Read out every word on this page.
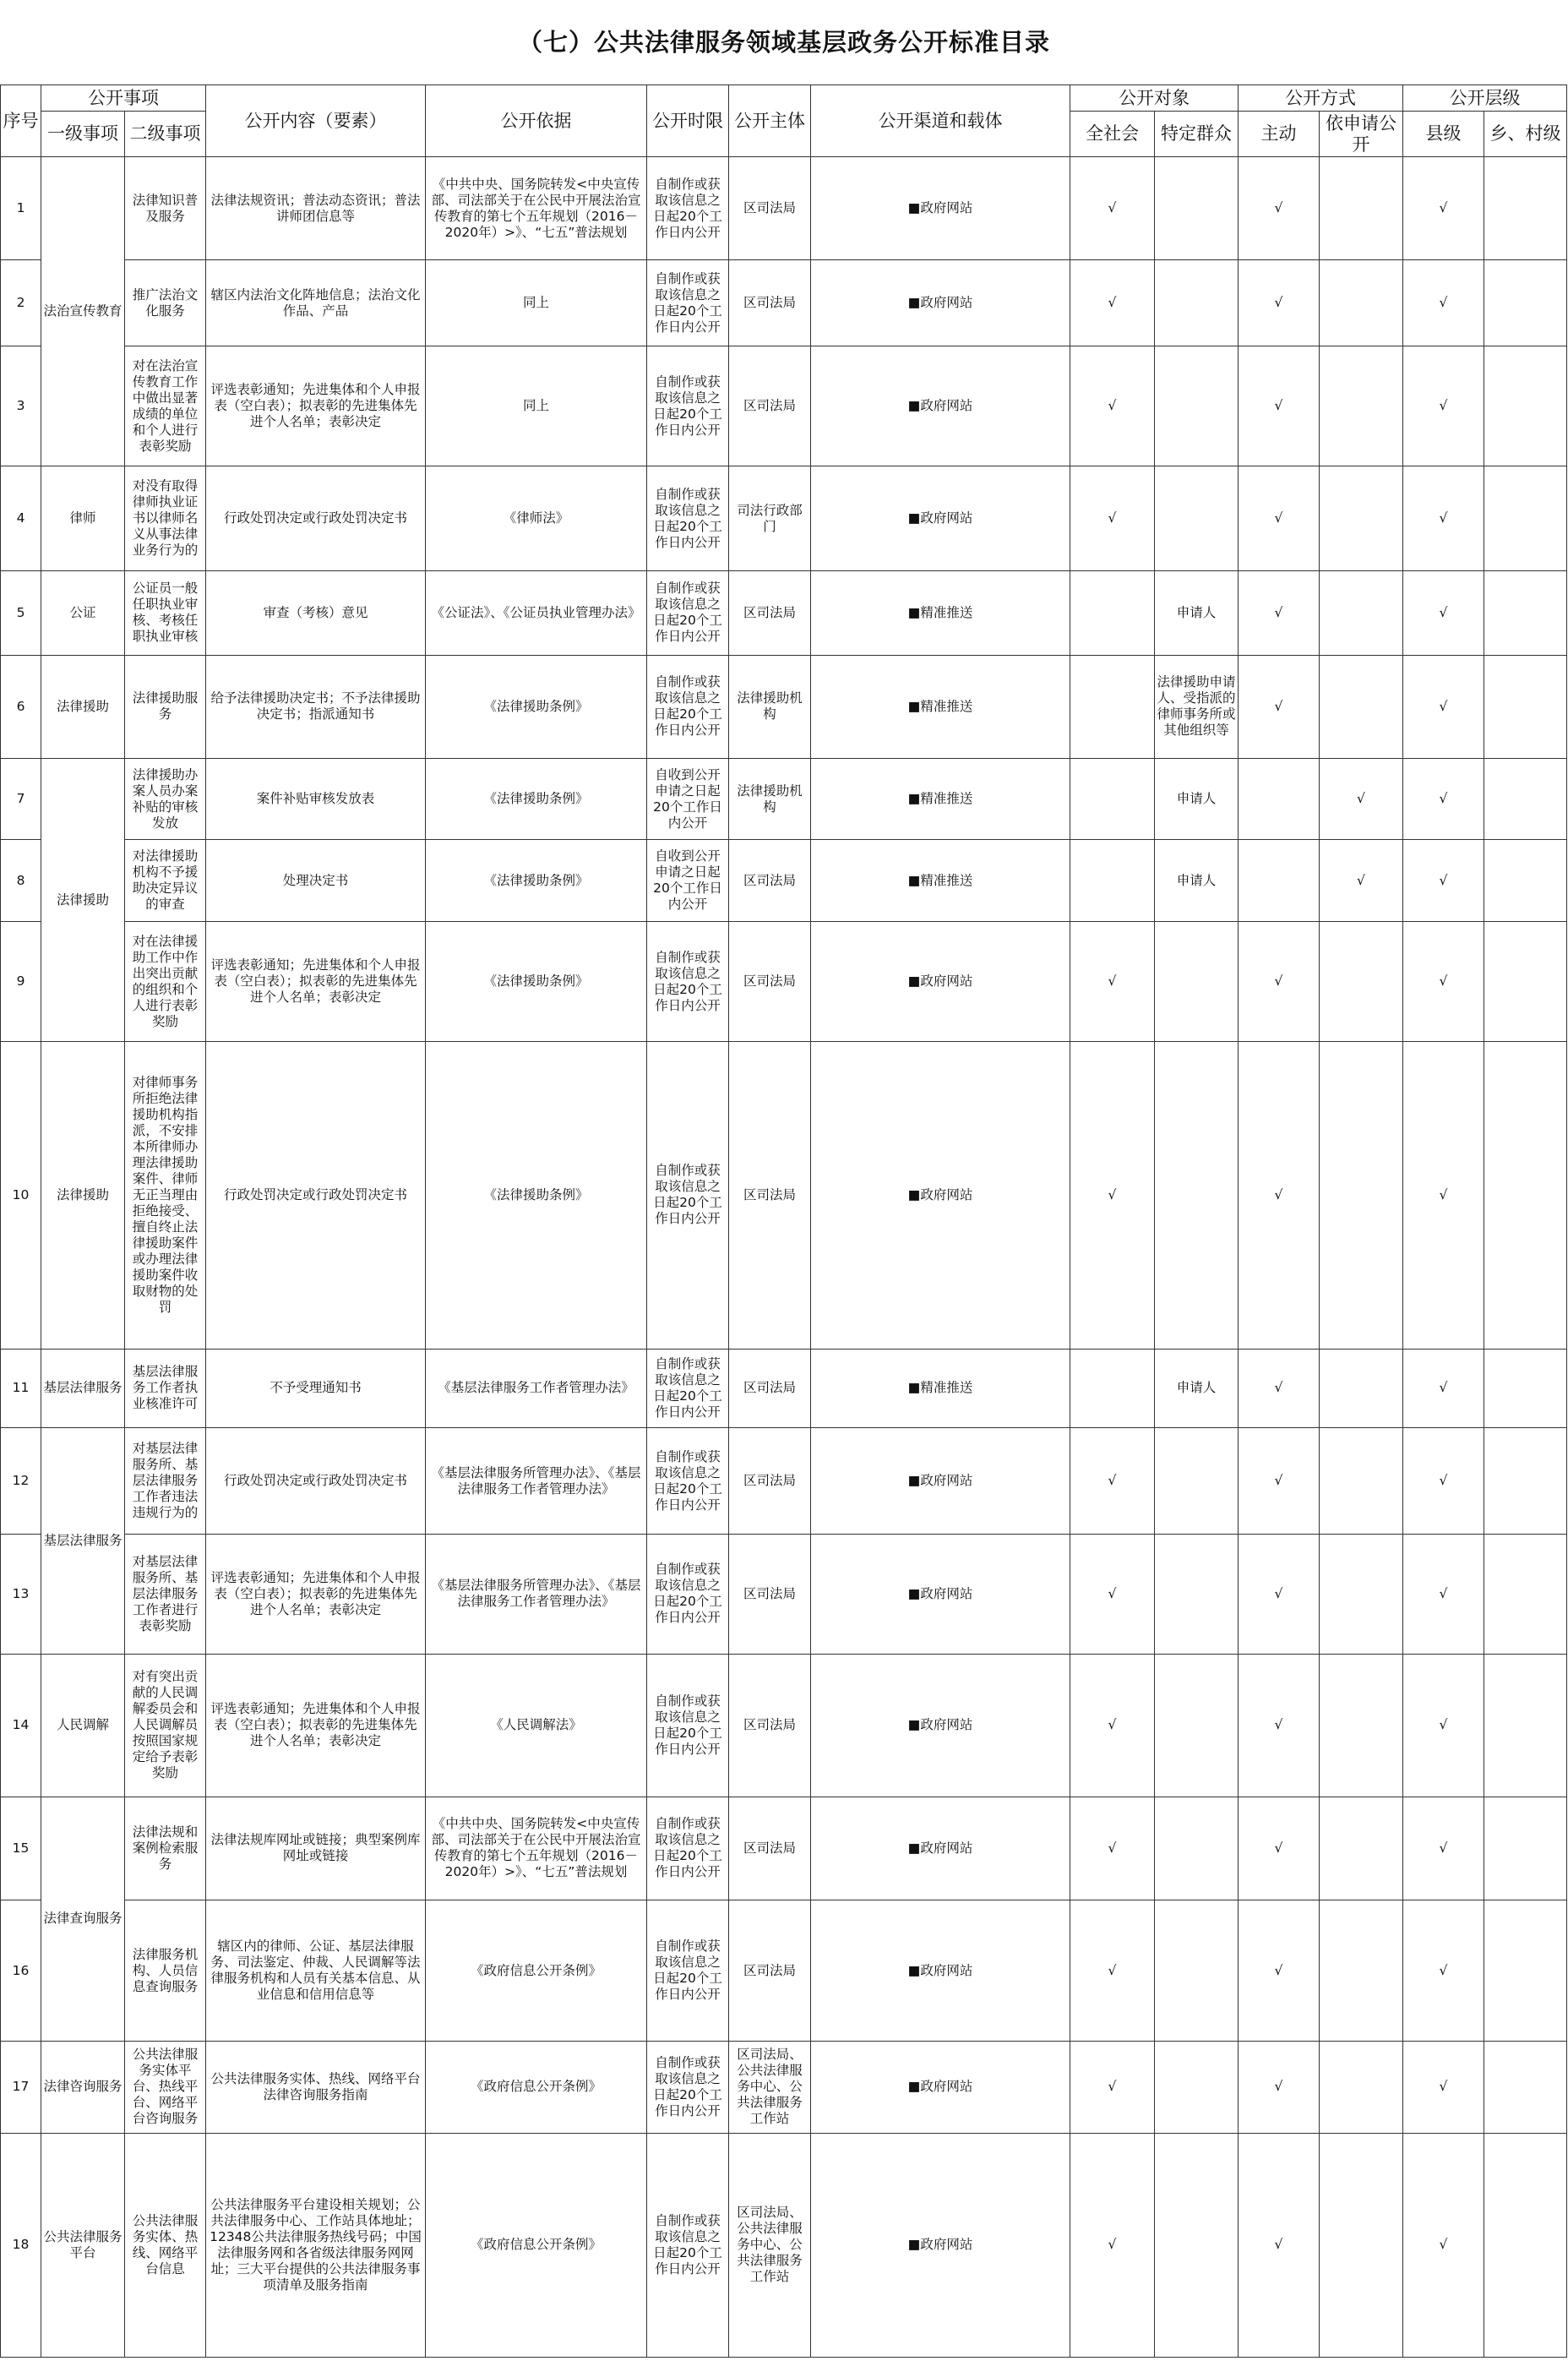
（七）公共法律服务领域基层政务公开标准目录
序号	公开事项		公开内容（要素）	公开依据	公开时限	公开主体	公开渠道和载体	公开对象		公开方式		公开层级	
	一级事项	二级事项						全社会	特定群众	主动	依申请公开	县级	乡、村级
1	法治宣传教育	法律知识普及服务	法律法规资讯；普法动态资讯；普法讲师团信息等	《中共中央、国务院转发<中央宣传部、司法部关于在公民中开展法治宣传教育的第七个五年规划（2016－2020年）>》、“七五”普法规划	自制作或获取该信息之日起20个工作日内公开	区司法局	■政府网站	√		√		√	
2		推广法治文化服务	辖区内法治文化阵地信息；法治文化作品、产品	同上	自制作或获取该信息之日起20个工作日内公开	区司法局	■政府网站	√		√		√	
3		对在法治宣传教育工作中做出显著成绩的单位和个人进行表彰奖励	评选表彰通知；先进集体和个人申报表（空白表）；拟表彰的先进集体先进个人名单；表彰决定	同上	自制作或获取该信息之日起20个工作日内公开	区司法局	■政府网站	√		√		√	
4	律师	对没有取得律师执业证书以律师名义从事法律业务行为的	行政处罚决定或行政处罚决定书	《律师法》	自制作或获取该信息之日起20个工作日内公开	司法行政部门	■政府网站	√		√		√	
5	公证	公证员一般任职执业审核、考核任职执业审核	审查（考核）意见	《公证法》、《公证员执业管理办法》	自制作或获取该信息之日起20个工作日内公开	区司法局	■精准推送		申请人	√		√	
6	法律援助	法律援助服务	给予法律援助决定书；不予法律援助决定书；指派通知书	《法律援助条例》	自制作或获取该信息之日起20个工作日内公开	法律援助机构	■精准推送		法律援助申请人、受指派的律师事务所或其他组织等	√		√	
7	法律援助	法律援助办案人员办案补贴的审核发放	案件补贴审核发放表	《法律援助条例》	自收到公开申请之日起20个工作日内公开	法律援助机构	■精准推送		申请人		√	√	
8		对法律援助机构不予援助决定异议的审查	处理决定书	《法律援助条例》	自收到公开申请之日起20个工作日内公开	区司法局	■精准推送		申请人		√	√	
9		对在法律援助工作中作出突出贡献的组织和个人进行表彰奖励	评选表彰通知；先进集体和个人申报表（空白表）；拟表彰的先进集体先进个人名单；表彰决定	《法律援助条例》	自制作或获取该信息之日起20个工作日内公开	区司法局	■政府网站	√		√		√	
10	法律援助	对律师事务所拒绝法律援助机构指派，不安排本所律师办理法律援助案件、律师无正当理由拒绝接受、擅自终止法律援助案件或办理法律援助案件收取财物的处罚	行政处罚决定或行政处罚决定书	《法律援助条例》	自制作或获取该信息之日起20个工作日内公开	区司法局	■政府网站	√		√		√	
11	基层法律服务	基层法律服务工作者执业核准许可	不予受理通知书	《基层法律服务工作者管理办法》	自制作或获取该信息之日起20个工作日内公开	区司法局	■精准推送		申请人	√		√	
12	基层法律服务	对基层法律服务所、基层法律服务工作者违法违规行为的	行政处罚决定或行政处罚决定书	《基层法律服务所管理办法》、《基层法律服务工作者管理办法》	自制作或获取该信息之日起20个工作日内公开	区司法局	■政府网站	√		√		√	
13		对基层法律服务所、基层法律服务工作者进行表彰奖励	评选表彰通知；先进集体和个人申报表（空白表）；拟表彰的先进集体先进个人名单；表彰决定	《基层法律服务所管理办法》、《基层法律服务工作者管理办法》	自制作或获取该信息之日起20个工作日内公开	区司法局	■政府网站	√		√		√	
14	人民调解	对有突出贡献的人民调解委员会和人民调解员按照国家规定给予表彰奖励	评选表彰通知；先进集体和个人申报表（空白表）；拟表彰的先进集体先进个人名单；表彰决定	《人民调解法》	自制作或获取该信息之日起20个工作日内公开	区司法局	■政府网站	√		√		√	
15	法律查询服务	法律法规和案例检索服务	法律法规库网址或链接；典型案例库网址或链接	《中共中央、国务院转发<中央宣传部、司法部关于在公民中开展法治宣传教育的第七个五年规划（2016－2020年）>》、“七五”普法规划	自制作或获取该信息之日起20个工作日内公开	区司法局	■政府网站	√		√		√	
16		法律服务机构、人员信息查询服务	辖区内的律师、公证、基层法律服务、司法鉴定、仲裁、人民调解等法律服务机构和人员有关基本信息、从业信息和信用信息等	《政府信息公开条例》	自制作或获取该信息之日起20个工作日内公开	区司法局	■政府网站	√		√		√	
17	法律咨询服务	公共法律服务实体平台、热线平台、网络平台咨询服务	公共法律服务实体、热线、网络平台法律咨询服务指南	《政府信息公开条例》	自制作或获取该信息之日起20个工作日内公开	区司法局、公共法律服务中心、公共法律服务工作站	■政府网站	√		√		√	
18	公共法律服务平台	公共法律服务实体、热线、网络平台信息	公共法律服务平台建设相关规划；公共法律服务中心、工作站具体地址；12348公共法律服务热线号码；中国法律服务网和各省级法律服务网网址；三大平台提供的公共法律服务事项清单及服务指南	《政府信息公开条例》	自制作或获取该信息之日起20个工作日内公开	区司法局、公共法律服务中心、公共法律服务工作站	■政府网站	√		√		√	
